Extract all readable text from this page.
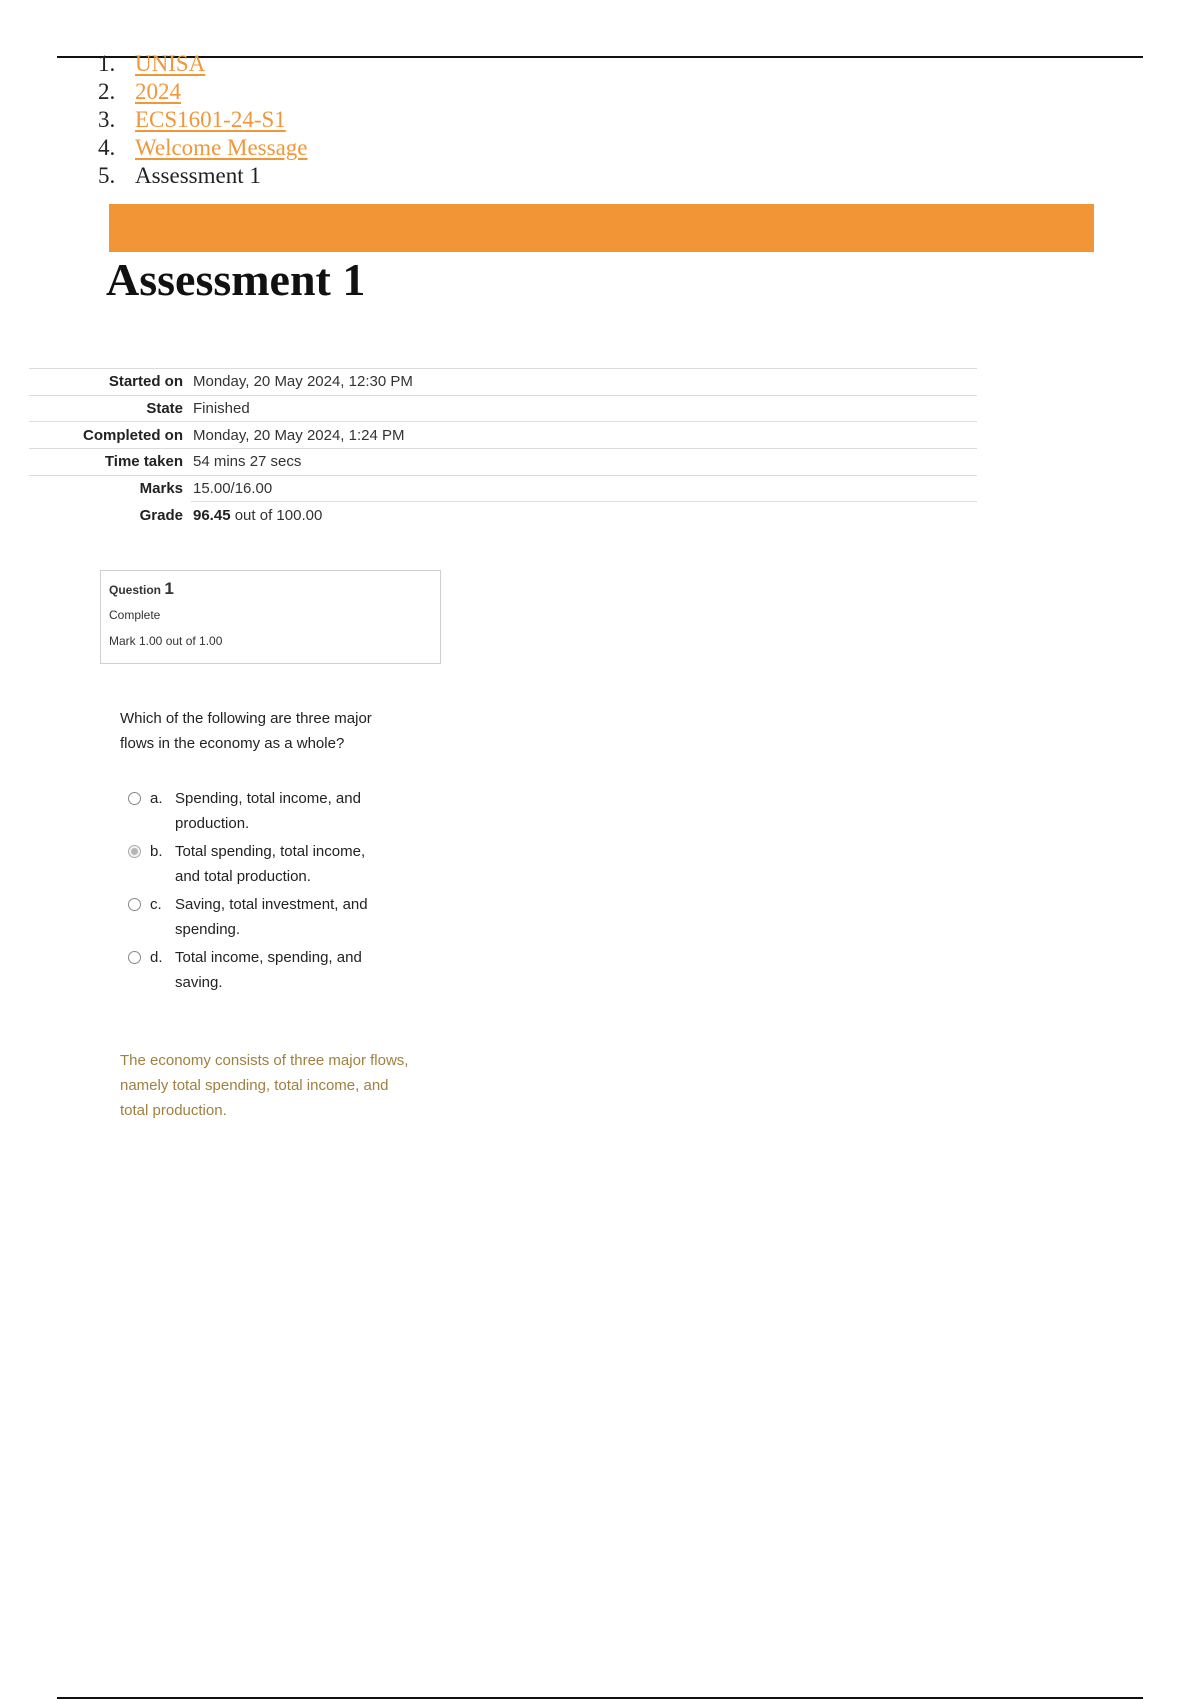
1. UNISA
2. 2024
3. ECS1601-24-S1
4. Welcome Message
5. Assessment 1
Assessment 1
Started on	Monday, 20 May 2024, 12:30 PM
State	Finished
Completed on	Monday, 20 May 2024, 1:24 PM
Time taken	54 mins 27 secs
Marks	15.00/16.00
Grade	96.45 out of 100.00
Question 1
Complete
Mark 1.00 out of 1.00
Which of the following are three major flows in the economy as a whole?
a. Spending, total income, and production.
b. Total spending, total income, and total production.
c. Saving, total investment, and spending.
d. Total income, spending, and saving.
The economy consists of three major flows, namely total spending, total income, and total production.
